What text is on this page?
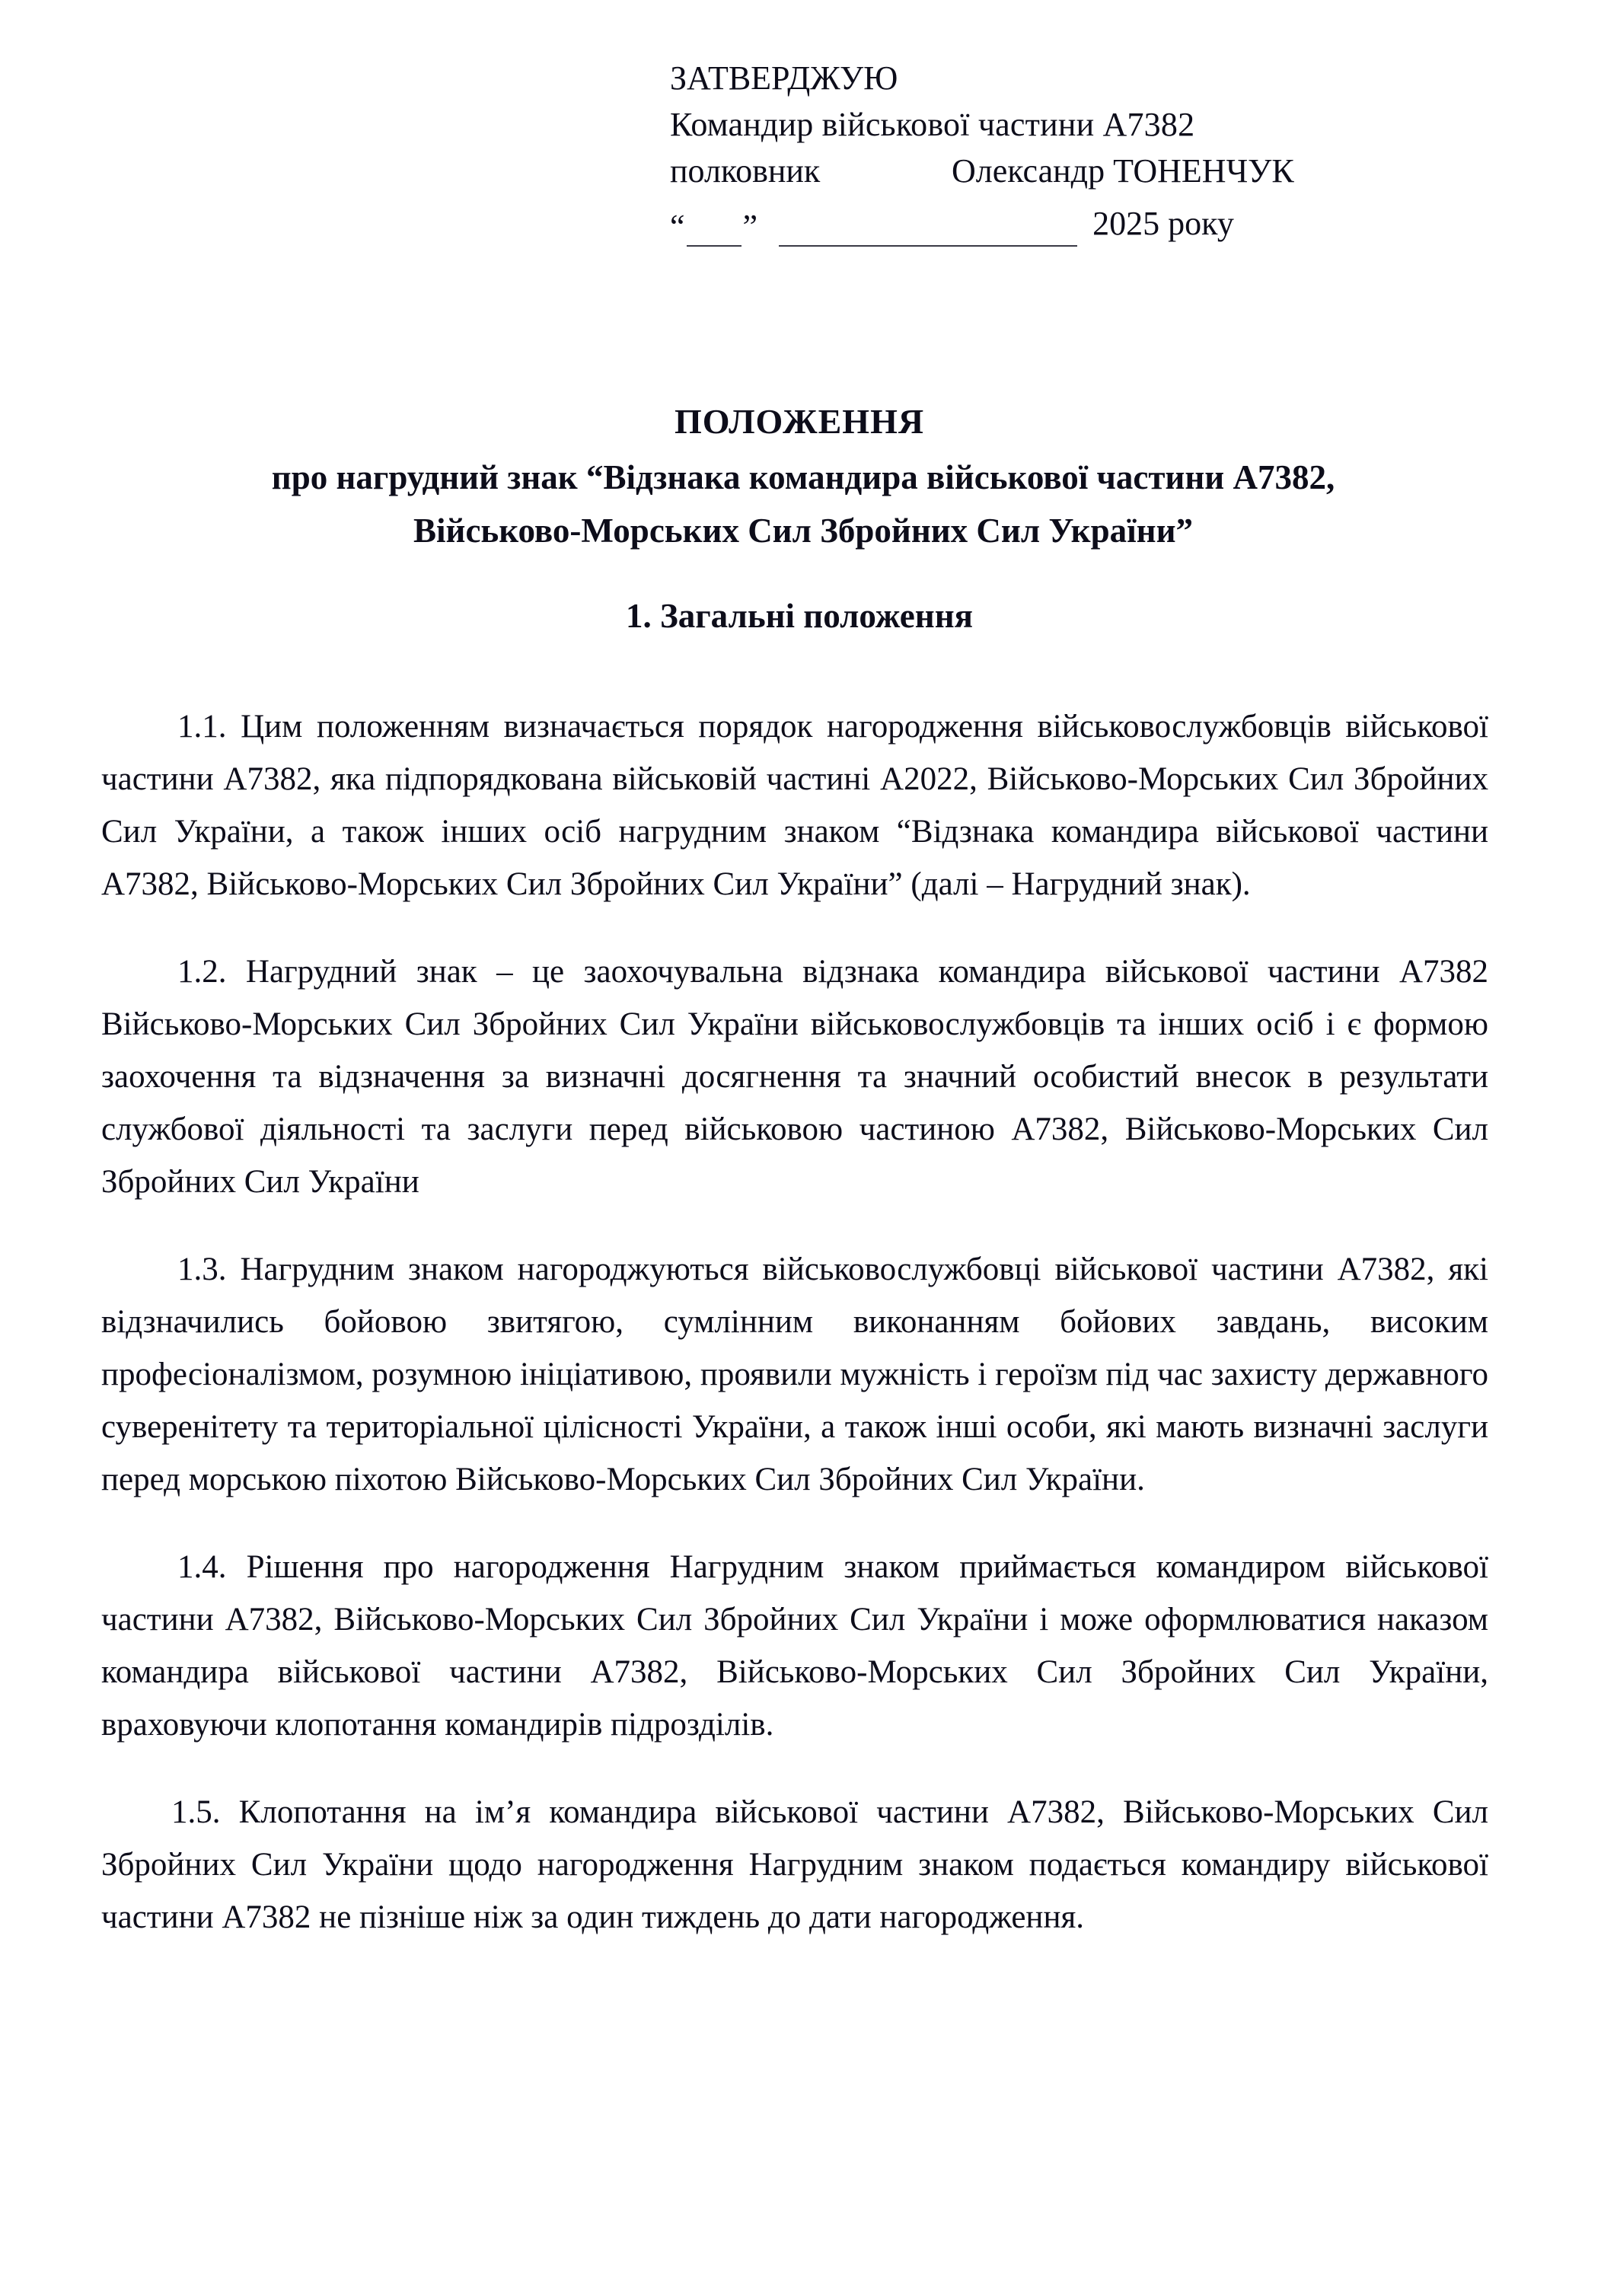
ЗАТВЕРДЖУЮ
Командир військової частини А7382
полковник	Олександр ТОНЕНЧУК
“ ”	2025 року
ПОЛОЖЕННЯ
про нагрудний знак “Відзнака командира військової частини А7382,
Військово-Морських Сил Збройних Сил України”
1. Загальні положення

1.1. Цим положенням визначається порядок нагородження військовослужбовців військової частини А7382, яка підпорядкована військовій частині А2022, Військово-Морських Сил Збройних Сил України, а також інших осіб нагрудним знаком “Відзнака командира військової частини А7382, Військово-Морських Сил Збройних Сил України” (далі – Нагрудний знак).

1.2. Нагрудний знак – це заохочувальна відзнака командира військової частини А7382 Військово-Морських Сил Збройних Сил України військовослужбовців та інших осіб і є формою заохочення та відзначення за визначні досягнення та значний особистий внесок в результати службової діяльності та заслуги перед військовою частиною А7382, Військово-Морських Сил Збройних Сил України

1.3. Нагрудним знаком нагороджуються військовослужбовці військової частини А7382, які відзначились бойовою звитягою, сумлінним виконанням бойових завдань, високим професіоналізмом, розумною ініціативою, проявили мужність і героїзм під час захисту державного суверенітету та територіальної цілісності України, а також інші особи, які мають визначні заслуги перед морською піхотою Військово-Морських Сил Збройних Сил України.

1.4. Рішення про нагородження Нагрудним знаком приймається командиром військової частини А7382, Військово-Морських Сил Збройних Сил України і може оформлюватися наказом командира військової частини А7382, Військово-Морських Сил Збройних Сил України, враховуючи клопотання командирів підрозділів.

1.5. Клопотання на ім’я командира військової частини А7382, Військово-Морських Сил Збройних Сил України щодо нагородження Нагрудним знаком подається командиру військової частини А7382 не пізніше ніж за один тиждень до дати нагородження.
